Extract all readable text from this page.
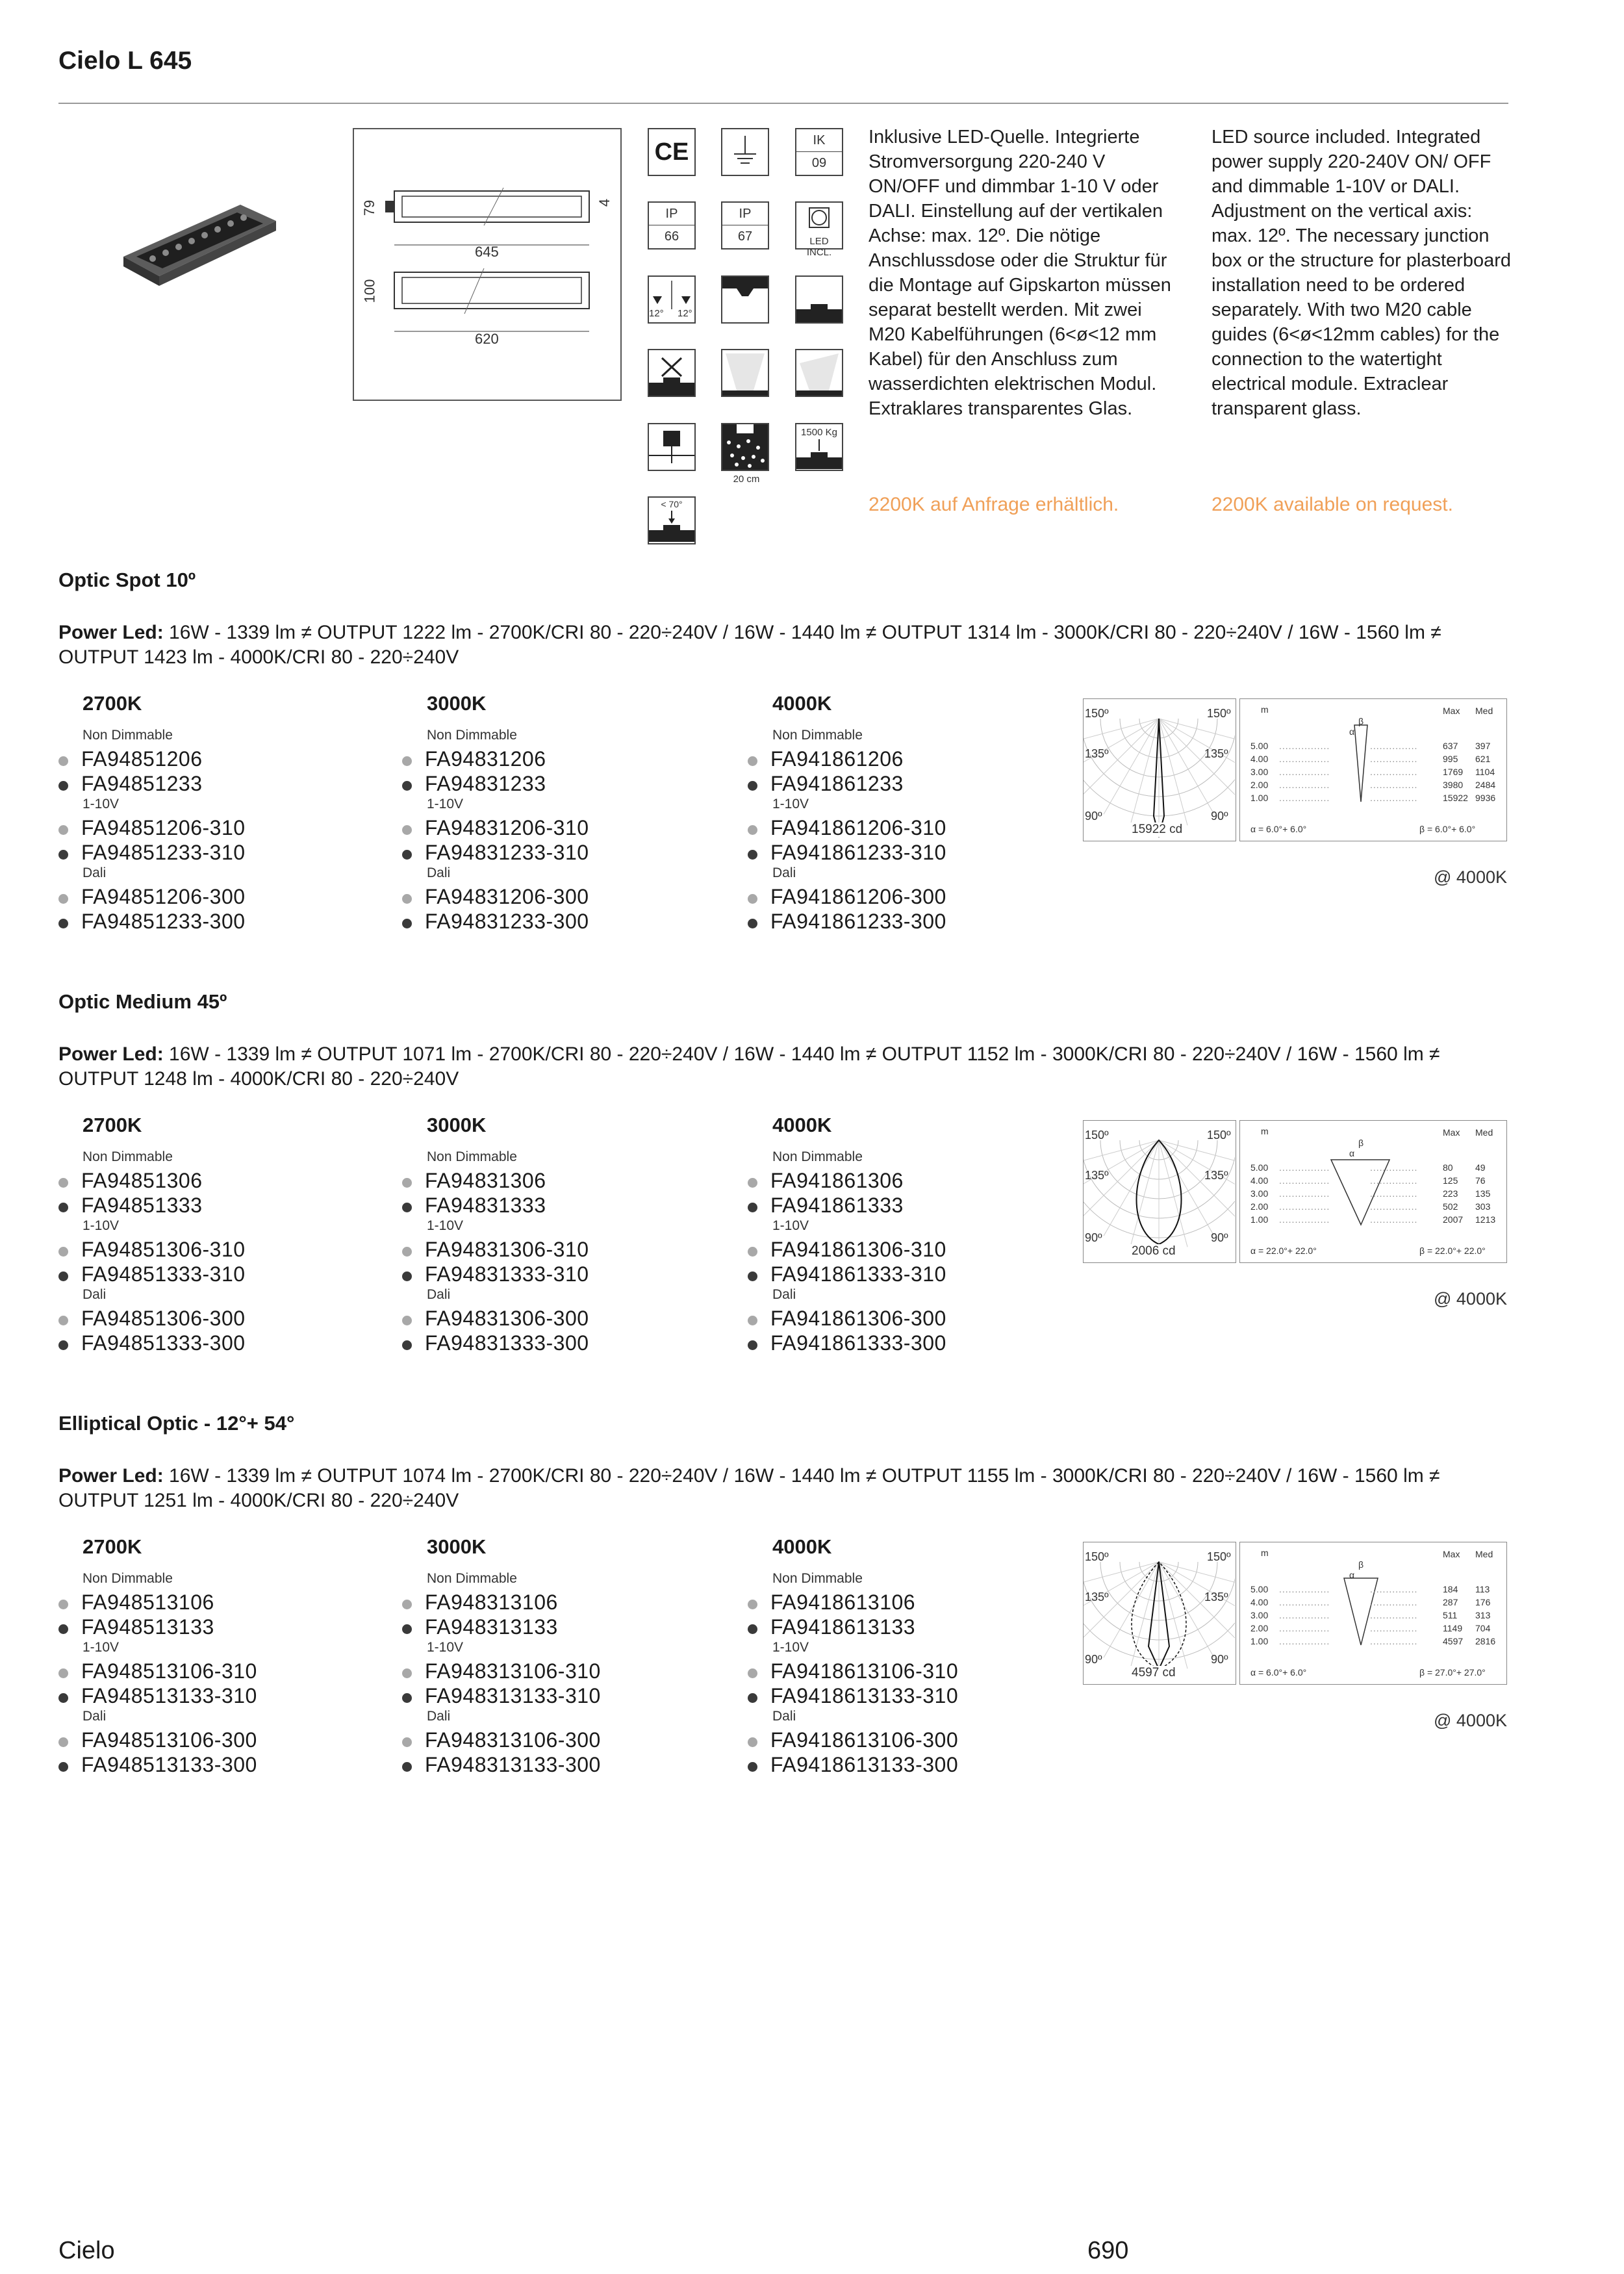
Cielo L 645
79
645
4
100
620
CE	IK
09
IP
66
IP
67	LED INCL.
12° 12°
20 cm
1500 Kg
< 70°
Inklusive LED-Quelle. Integrierte Stromversorgung 220-240 V ON/OFF und dimmbar 1-10 V oder DALI. Einstellung auf der vertikalen Achse: max. 12º. Die nötige Anschlussdose oder die Struktur für die Montage auf Gipskarton müssen separat bestellt werden. Mit zwei M20 Kabelführungen (6<ø<12 mm Kabel) für den Anschluss zum wasserdichten elektrischen Modul. Extraklares transparentes Glas.
LED source included. Integrated power supply 220-240V ON/ OFF and dimmable 1-10V or DALI. Adjustment on the vertical axis: max. 12º. The necessary junction box or the structure for plasterboard installation need to be ordered separately. With two M20 cable guides (6<ø<12mm cables) for the connection to the watertight electrical module. Extraclear transparent glass.
2200K auf Anfrage erhältlich.	2200K available on request.
Optic Spot 10º
Power Led: 16W - 1339 lm ≠ OUTPUT 1222 lm - 2700K/CRI 80 - 220÷240V / 16W - 1440 lm ≠ OUTPUT 1314 lm - 3000K/CRI 80 - 220÷240V / 16W - 1560 lm ≠ OUTPUT 1423 lm - 4000K/CRI 80 - 220÷240V
2700K
Non Dimmable
FA94851206
FA94851233
1-10V
FA94851206-310
FA94851233-310
Dali
FA94851206-300
FA94851233-300
3000K
Non Dimmable
FA94831206
FA94831233
1-10V
FA94831206-310
FA94831233-310
Dali
FA94831206-300
FA94831233-300
4000K
Non Dimmable
FA941861206
FA941861233
1-10V
FA941861206-310
FA941861233-310
Dali
FA941861206-300
FA941861233-300
150º	150º
135º	135º
90º	90º
15922 cd
m	Max Med
α
β
5.00 ................	...............	637 397
4.00 ................	...............	995 621
3.00 ................	...............	1769 1104
2.00 ................	...............	3980 2484
1.00 ................	...............	15922 9936
α = 6.0°+ 6.0°	β = 6.0°+ 6.0°
@ 4000K
Optic Medium 45º
Power Led: 16W - 1339 lm ≠ OUTPUT 1071 lm - 2700K/CRI 80 - 220÷240V / 16W - 1440 lm ≠ OUTPUT 1152 lm - 3000K/CRI 80 - 220÷240V / 16W - 1560 lm ≠ OUTPUT 1248 lm - 4000K/CRI 80 - 220÷240V
2700K
Non Dimmable
FA94851306
FA94851333
1-10V
FA94851306-310
FA94851333-310
Dali
FA94851306-300
FA94851333-300
3000K
Non Dimmable
FA94831306
FA94831333
1-10V
FA94831306-310
FA94831333-310
Dali
FA94831306-300
FA94831333-300
4000K
Non Dimmable
FA941861306
FA941861333
1-10V
FA941861306-310
FA941861333-310
Dali
FA941861306-300
FA941861333-300
150º	150º
135º	135º
90º	90º
2006 cd
m	Max Med
α
β
5.00 ................	...............	80 49
4.00 ................	...............	125 76
3.00 ................	...............	223 135
2.00 ................	...............	502 303
1.00 ................	...............	2007 1213
α = 22.0°+ 22.0°	β = 22.0°+ 22.0°
@ 4000K
Elliptical Optic - 12°+ 54°
Power Led: 16W - 1339 lm ≠ OUTPUT 1074 lm - 2700K/CRI 80 - 220÷240V / 16W - 1440 lm ≠ OUTPUT 1155 lm - 3000K/CRI 80 - 220÷240V / 16W - 1560 lm ≠ OUTPUT 1251 lm - 4000K/CRI 80 - 220÷240V
2700K
Non Dimmable
FA948513106
FA948513133
1-10V
FA948513106-310
FA948513133-310
Dali
FA948513106-300
FA948513133-300
3000K
Non Dimmable
FA948313106
FA948313133
1-10V
FA948313106-310
FA948313133-310
Dali
FA948313106-300
FA948313133-300
4000K
Non Dimmable
FA9418613106
FA9418613133
1-10V
FA9418613106-310
FA9418613133-310
Dali
FA9418613106-300
FA9418613133-300
150º	150º
135º	135º
90º	90º
4597 cd
m	Max Med
α
β
5.00 ................	...............	184 113
4.00 ................	...............	287 176
3.00 ................	...............	511 313
2.00 ................	...............	1149 704
1.00 ................	...............	4597 2816
α = 6.0°+ 6.0°	β = 27.0°+ 27.0°
@ 4000K
Cielo	690
